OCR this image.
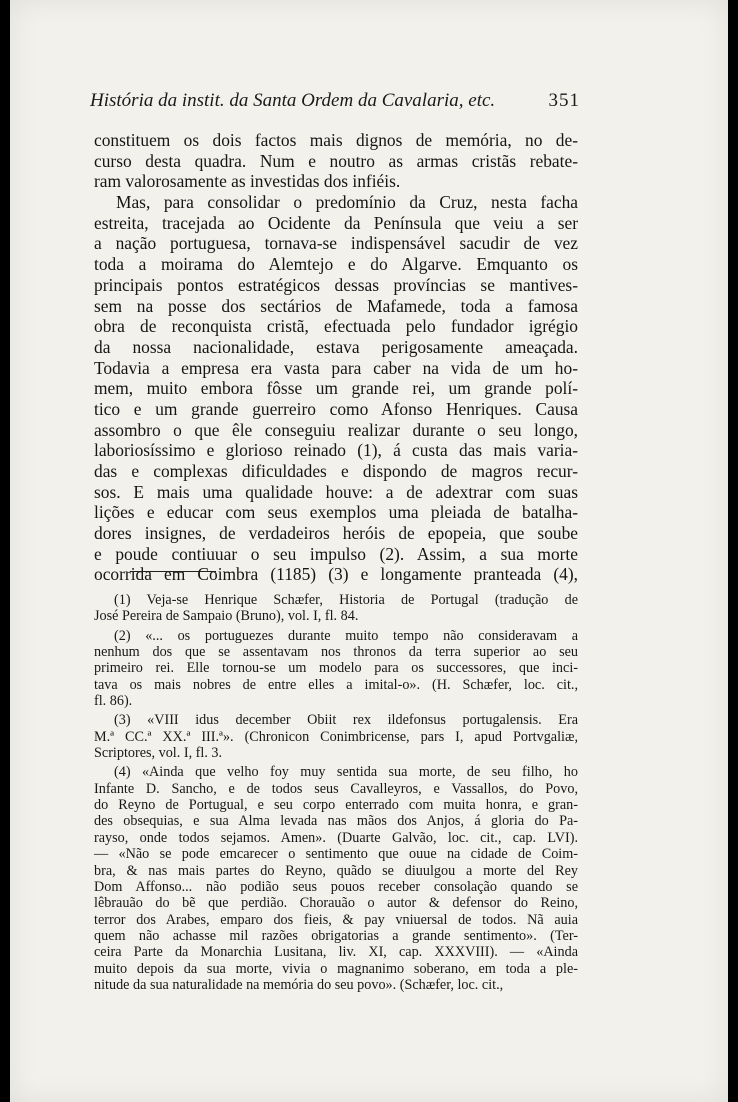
História da instit. da Santa Ordem da Cavalaria, etc.	351
constituem os dois factos mais dignos de memória, no de-
curso desta quadra. Num e noutro as armas cristãs rebate-
ram valorosamente as investidas dos infiéis.
Mas, para consolidar o predomínio da Cruz, nesta facha
estreita, tracejada ao Ocidente da Península que veiu a ser
a nação portuguesa, tornava-se indispensável sacudir de vez
toda a moirama do Alemtejo e do Algarve. Emquanto os
principais pontos estratégicos dessas províncias se mantives-
sem na posse dos sectários de Mafamede, toda a famosa
obra de reconquista cristã, efectuada pelo fundador igrégio
da nossa nacionalidade, estava perigosamente ameaçada.
Todavia a empresa era vasta para caber na vida de um ho-
mem, muito embora fôsse um grande rei, um grande polí-
tico e um grande guerreiro como Afonso Henriques. Causa
assombro o que êle conseguiu realizar durante o seu longo,
laboriosíssimo e glorioso reinado (1), á custa das mais varia-
das e complexas dificuldades e dispondo de magros recur-
sos. E mais uma qualidade houve: a de adextrar com suas
lições e educar com seus exemplos uma pleiada de batalha-
dores insignes, de verdadeiros heróis de epopeia, que soube
e poude contiuuar o seu impulso (2). Assim, a sua morte
ocorrida em Coimbra (1185) (3) e longamente pranteada (4),
(1) Veja-se Henrique Schæfer, Historia de Portugal (tradução de
José Pereira de Sampaio (Bruno), vol. I, fl. 84.
(2) «... os portuguezes durante muito tempo não consideravam a
nenhum dos que se assentavam nos thronos da terra superior ao seu
primeiro rei. Elle tornou-se um modelo para os successores, que inci-
tava os mais nobres de entre elles a imital-o». (H. Schæfer, loc. cit.,
fl. 86).
(3) «VIII idus december Obiit rex ildefonsus portugalensis. Era
M.ª CC.ª XX.ª III.ª». (Chronicon Conimbricense, pars I, apud Portvgaliæ,
Scriptores, vol. I, fl. 3.
(4) «Ainda que velho foy muy sentida sua morte, de seu filho, ho
Infante D. Sancho, e de todos seus Cavalleyros, e Vassallos, do Povo,
do Reyno de Portugual, e seu corpo enterrado com muita honra, e gran-
des obsequias, e sua Alma levada nas mãos dos Anjos, á gloria do Pa-
rayso, onde todos sejamos. Amen». (Duarte Galvão, loc. cit., cap. LVI).
— «Não se pode emcarecer o sentimento que ouue na cidade de Coim-
bra, & nas mais partes do Reyno, quãdo se diuulgou a morte del Rey
Dom Affonso... não podião seus pouos receber consolação quando se
lêbrauão do bẽ que perdião. Chorauão o autor & defensor do Reino,
terror dos Arabes, emparo dos fieis, & pay vniuersal de todos. Nã auia
quem não achasse mil razões obrigatorias a grande sentimento». (Ter-
ceira Parte da Monarchia Lusitana, liv. XI, cap. XXXVIII). — «Ainda
muito depois da sua morte, vivia o magnanimo soberano, em toda a ple-
nitude da sua naturalidade na memória do seu povo». (Schæfer, loc. cit.,
